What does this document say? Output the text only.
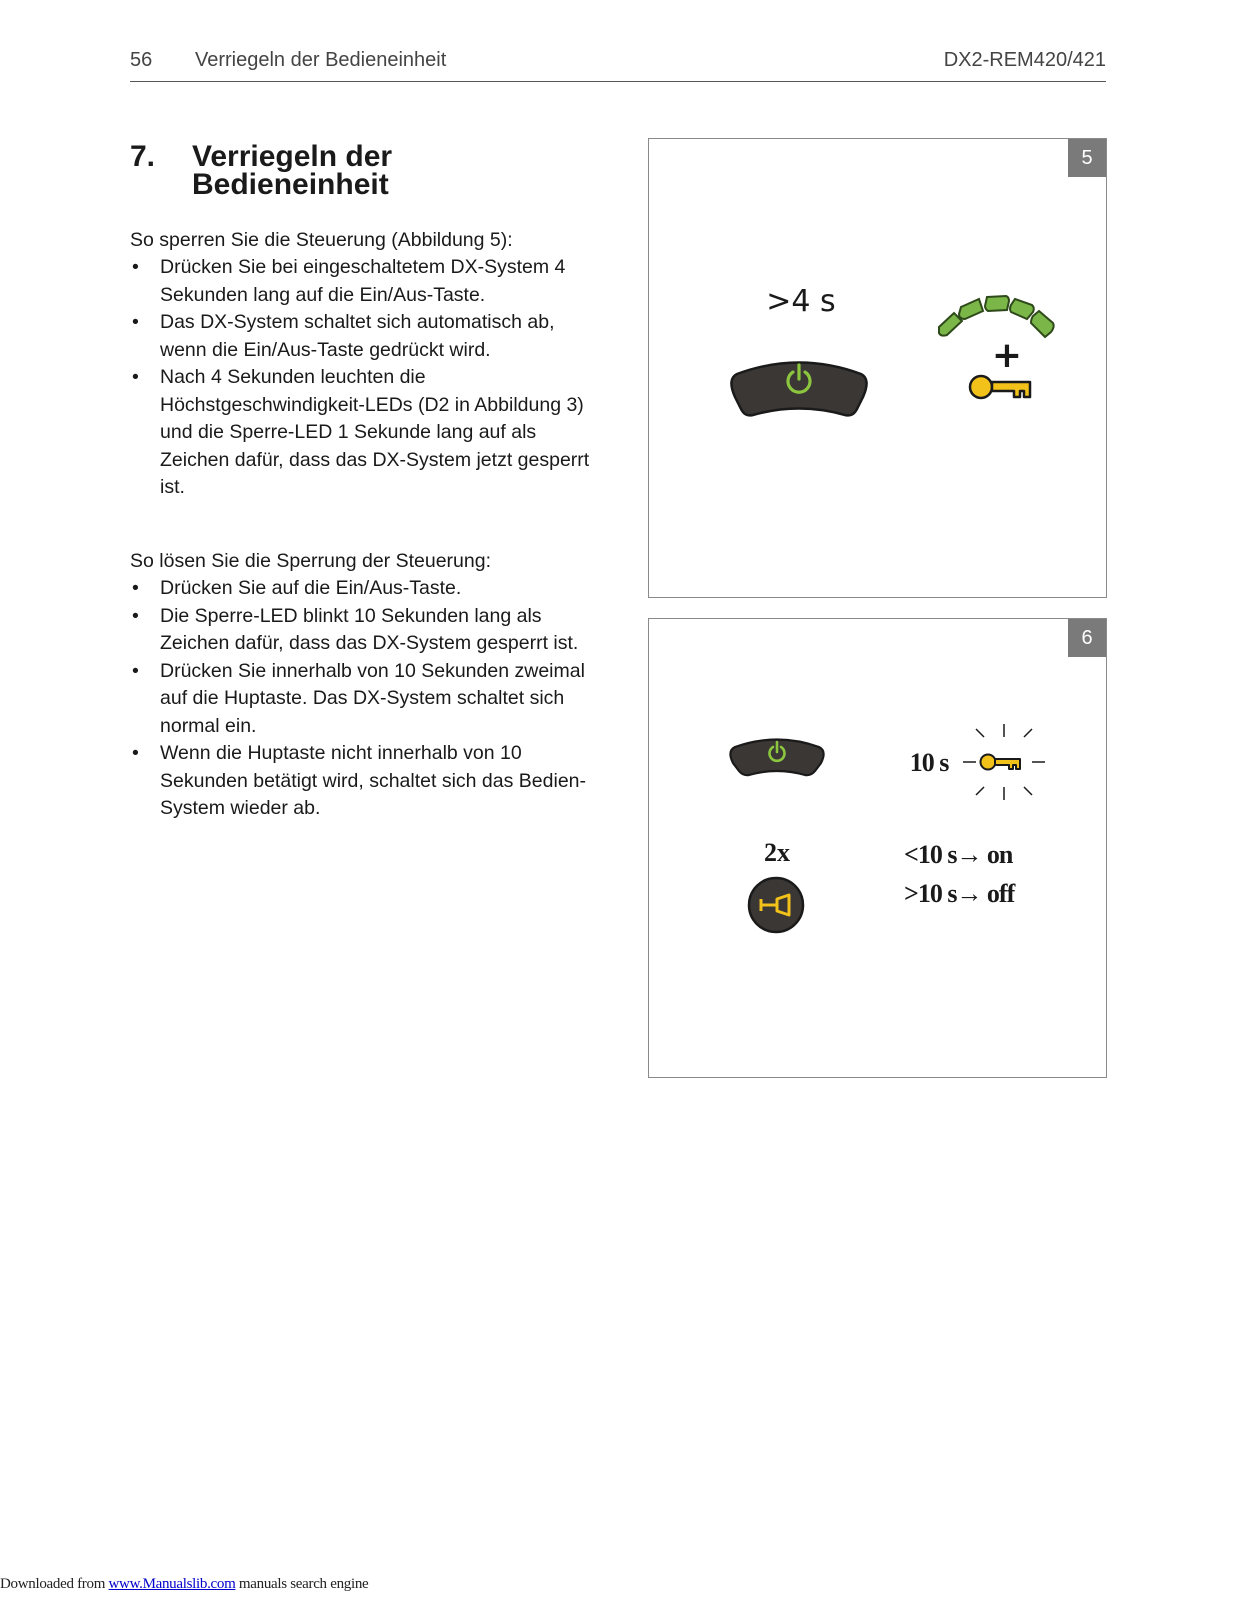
56 Verriegeln der Bedieneinheit	DX2-REM420/421
7. Verriegeln der Bedieneinheit
So sperren Sie die Steuerung (Abbildung 5):
• Drücken Sie bei eingeschaltetem DX-System 4 Sekunden lang auf die Ein/Aus-Taste.
• Das DX-System schaltet sich automatisch ab, wenn die Ein/Aus-Taste gedrückt wird.
• Nach 4 Sekunden leuchten die Höchstgeschwindigkeit-LEDs (D2 in Abbildung 3) und die Sperre-LED 1 Sekunde lang auf als Zeichen dafür, dass das DX-System jetzt gesperrt ist.
So lösen Sie die Sperrung der Steuerung:
• Drücken Sie auf die Ein/Aus-Taste.
• Die Sperre-LED blinkt 10 Sekunden lang als Zeichen dafür, dass das DX-System gesperrt ist.
• Drücken Sie innerhalb von 10 Sekunden zweimal auf die Huptaste. Das DX-System schaltet sich normal ein.
• Wenn die Huptaste nicht innerhalb von 10 Sekunden betätigt wird, schaltet sich das Bedien-System wieder ab.
5
>4 s
+
6
10 s
2x	<10 s→ on
>10 s→ off
Downloaded from www.Manualslib.com manuals search engine
